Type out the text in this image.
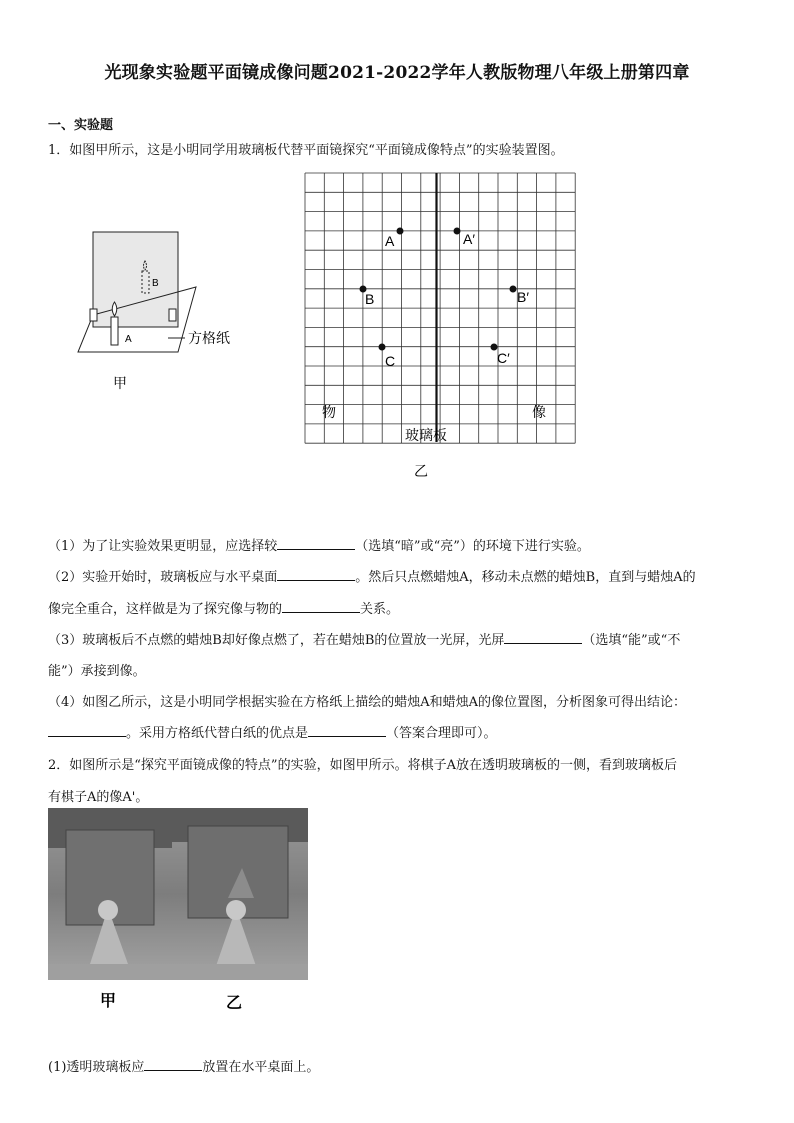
光现象实验题平面镜成像问题2021-2022学年人教版物理八年级上册第四章
一、实验题
1．如图甲所示，这是小明同学用玻璃板代替平面镜探究“平面镜成像特点”的实验装置图。
B
A	方格纸
甲
A
B
C
A′
B′
C′
物	像
玻璃板
乙
（1）为了让实验效果更明显，应选择较	（选填“暗”或“亮”）的环境下进行实验。
（2）实验开始时，玻璃板应与水平桌面	。然后只点燃蜡烛A，移动未点燃的蜡烛B，直到与蜡烛A的
像完全重合，这样做是为了探究像与物的	关系。
（3）玻璃板后不点燃的蜡烛B却好像点燃了，若在蜡烛B的位置放一光屏，光屏	（选填“能”或“不
能”）承接到像。
（4）如图乙所示，这是小明同学根据实验在方格纸上描绘的蜡烛A和蜡烛A的像位置图，分析图象可得出结论：
。采用方格纸代替白纸的优点是	（答案合理即可）。
2．如图所示是“探究平面镜成像的特点”的实验，如图甲所示。将棋子A放在透明玻璃板的一侧，看到玻璃板后
有棋子A的像A'。
甲	乙
(1)透明玻璃板应	放置在水平桌面上。
